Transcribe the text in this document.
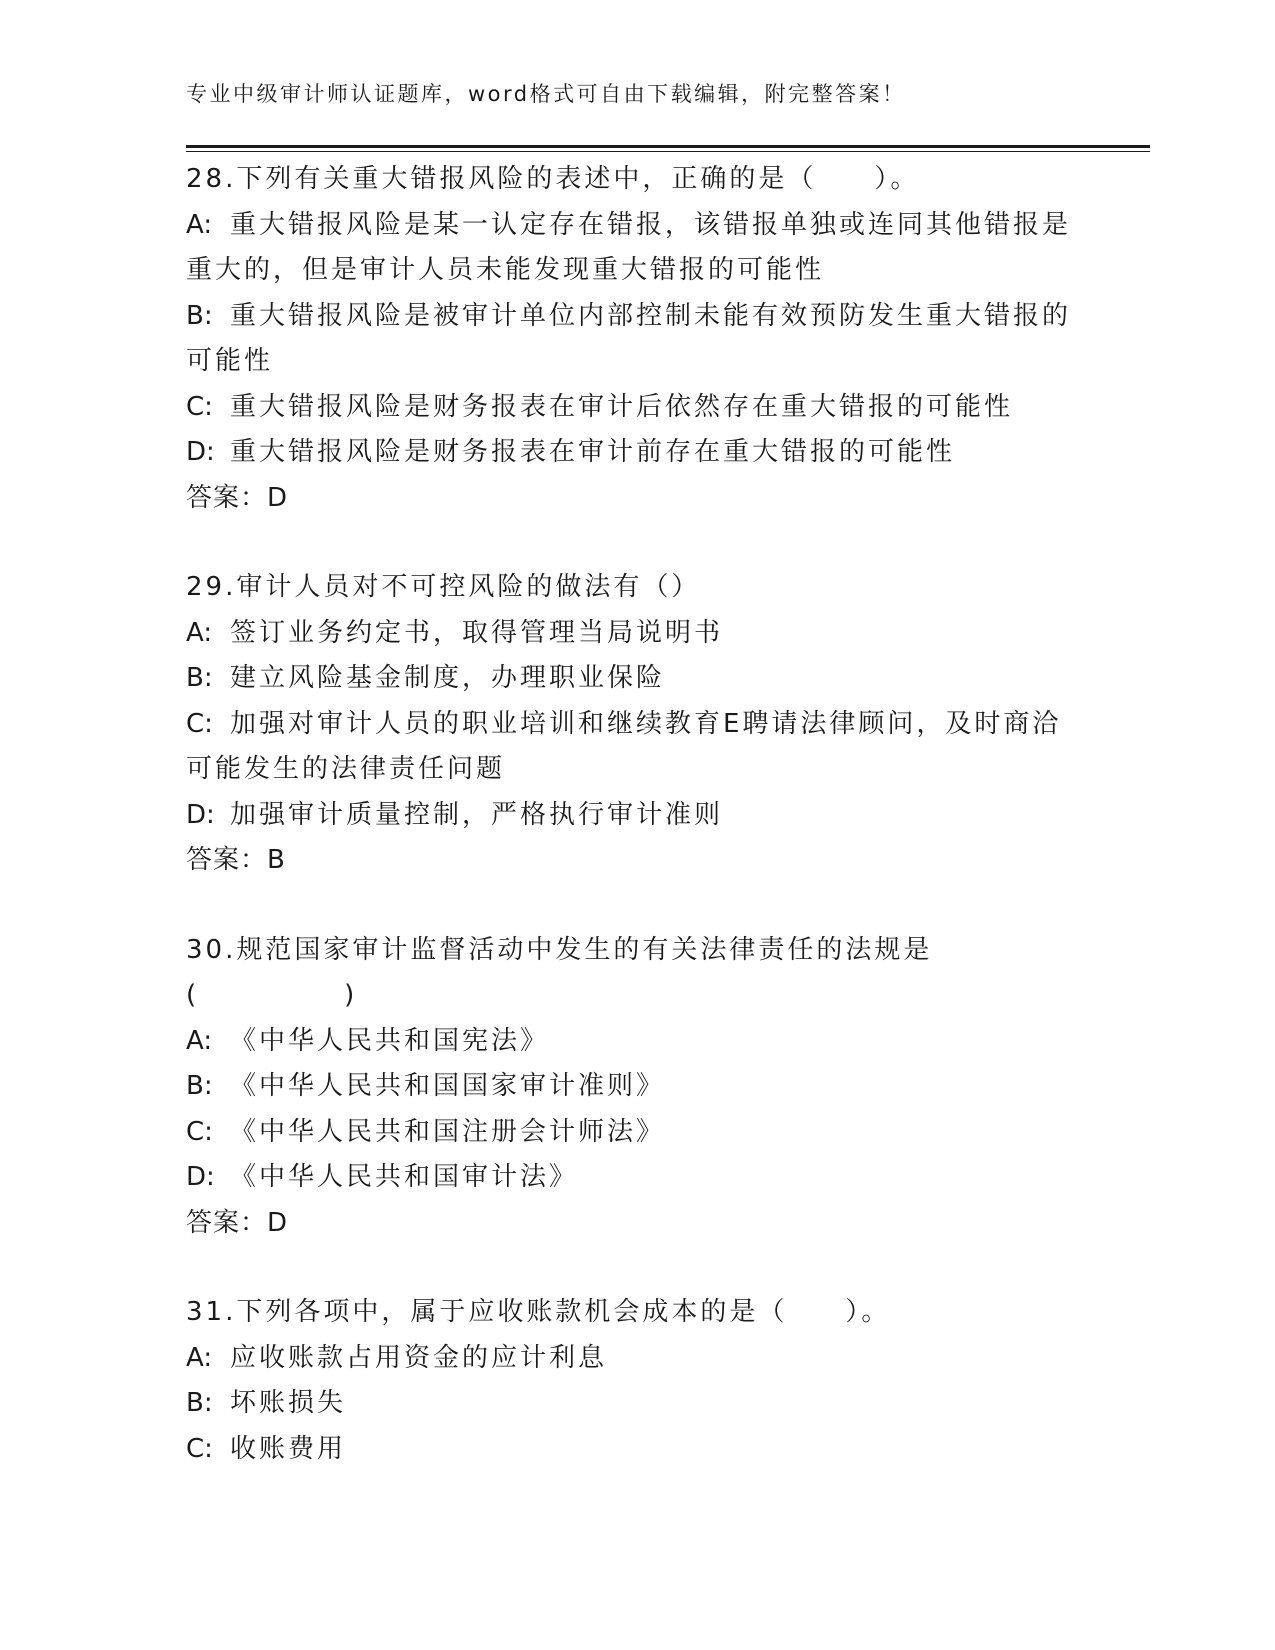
专业中级审计师认证题库，word格式可自由下载编辑，附完整答案！
28.下列有关重大错报风险的表述中，正确的是（　　）。
A: 重大错报风险是某一认定存在错报，该错报单独或连同其他错报是
重大的，但是审计人员未能发现重大错报的可能性
B: 重大错报风险是被审计单位内部控制未能有效预防发生重大错报的
可能性
C: 重大错报风险是财务报表在审计后依然存在重大错报的可能性
D: 重大错报风险是财务报表在审计前存在重大错报的可能性
答案：D
29.审计人员对不可控风险的做法有（）
A: 签订业务约定书，取得管理当局说明书
B: 建立风险基金制度，办理职业保险
C: 加强对审计人员的职业培训和继续教育E聘请法律顾问，及时商洽
可能发生的法律责任问题
D: 加强审计质量控制，严格执行审计准则
答案：B
30.规范国家审计监督活动中发生的有关法律责任的法规是
(　　　　　)
A: 《中华人民共和国宪法》
B: 《中华人民共和国国家审计准则》
C: 《中华人民共和国注册会计师法》
D: 《中华人民共和国审计法》
答案：D
31.下列各项中，属于应收账款机会成本的是（　　）。
A: 应收账款占用资金的应计利息
B: 坏账损失
C: 收账费用
